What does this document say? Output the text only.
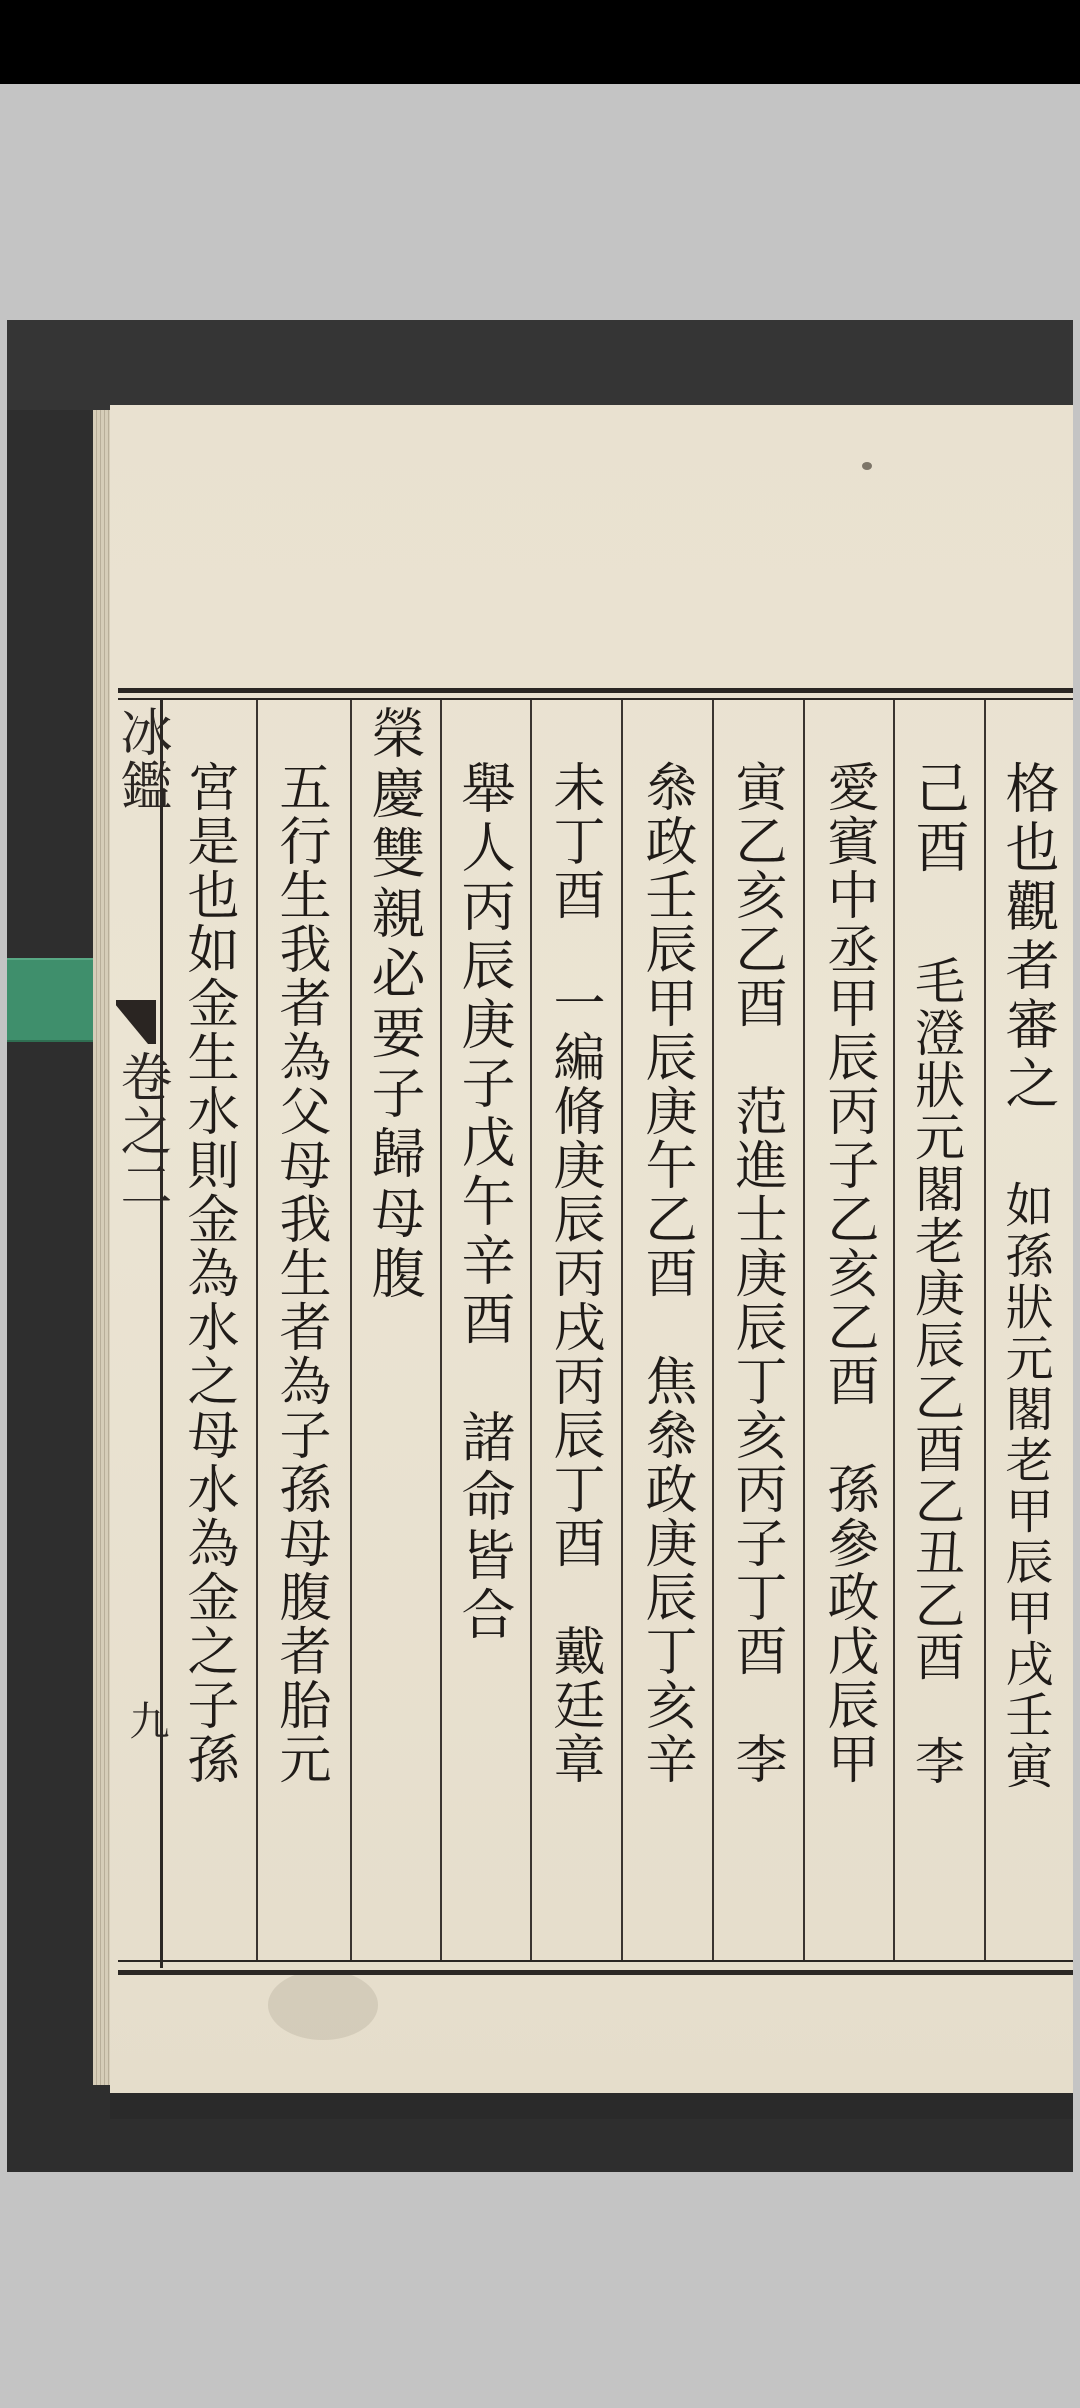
冰鑑
卷之二
九
格也觀者審之
如孫狀元閣老甲辰甲戌壬寅
己酉
毛澄狀元閣老庚辰乙酉乙丑乙酉　李
愛賓中丞甲辰丙子乙亥乙酉　孫參政戊辰甲
寅乙亥乙酉　范進士庚辰丁亥丙子丁酉　李
叅政壬辰甲辰庚午乙酉　焦叅政庚辰丁亥辛
未丁酉　一編脩庚辰丙戌丙辰丁酉　戴廷章
舉人丙辰庚子戊午辛酉　諸命皆合
榮慶雙親必要子歸母腹
五行生我者為父母我生者為子孫母腹者胎元
宮是也如金生水則金為水之母水為金之子孫
